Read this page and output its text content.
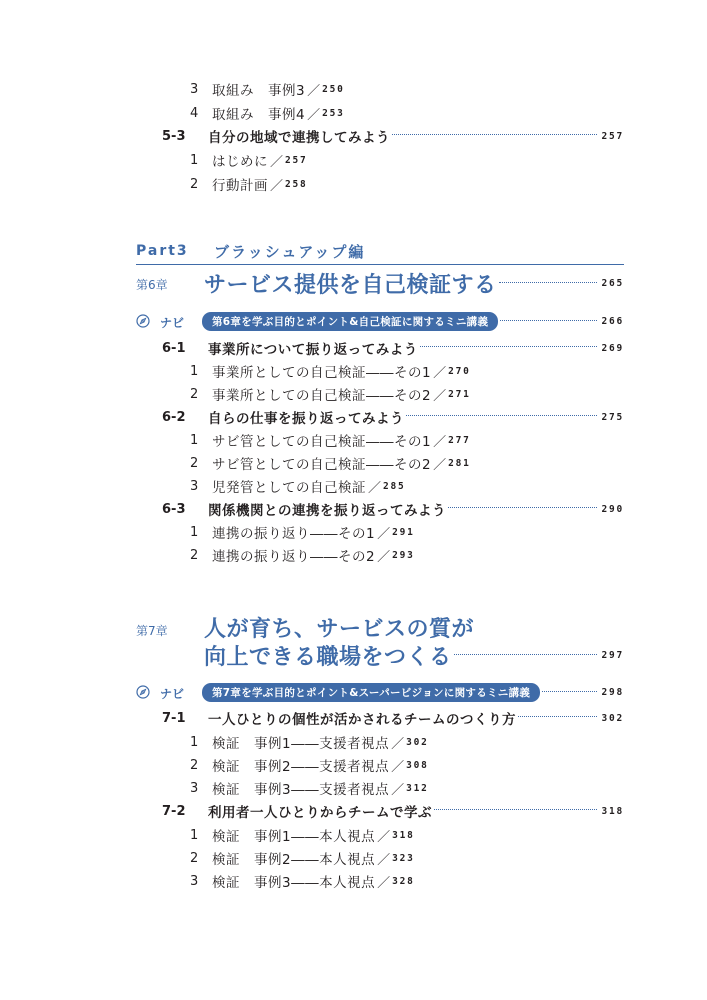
3	取組み　事例3 ／ 250
4	取組み　事例4 ／ 253
5-3	自分の地域で連携してみよう	257
1	はじめに ／ 257
2	行動計画 ／ 258
Part3	ブラッシュアップ編
第6章 サービス提供を自己検証する	265
ナビ	第6章を学ぶ目的とポイント&自己検証に関するミニ講義	266
6-1	事業所について振り返ってみよう	269
1	事業所としての自己検証――その1 ／ 270
2	事業所としての自己検証――その2 ／ 271
6-2	自らの仕事を振り返ってみよう	275
1	サビ管としての自己検証――その1 ／ 277
2	サビ管としての自己検証――その2 ／ 281
3	児発管としての自己検証 ／ 285
6-3	関係機関との連携を振り返ってみよう	290
1	連携の振り返り――その1 ／ 291
2	連携の振り返り――その2 ／ 293
第7章 人が育ち、サービスの質が
向上できる職場をつくる	297
ナビ	第7章を学ぶ目的とポイント&スーパービジョンに関するミニ講義	298
7-1	一人ひとりの個性が活かされるチームのつくり方	302
1	検証　事例1――支援者視点 ／ 302
2	検証　事例2――支援者視点 ／ 308
3	検証　事例3――支援者視点 ／ 312
7-2	利用者一人ひとりからチームで学ぶ	318
1	検証　事例1――本人視点 ／ 318
2	検証　事例2――本人視点 ／ 323
3	検証　事例3――本人視点 ／ 328
